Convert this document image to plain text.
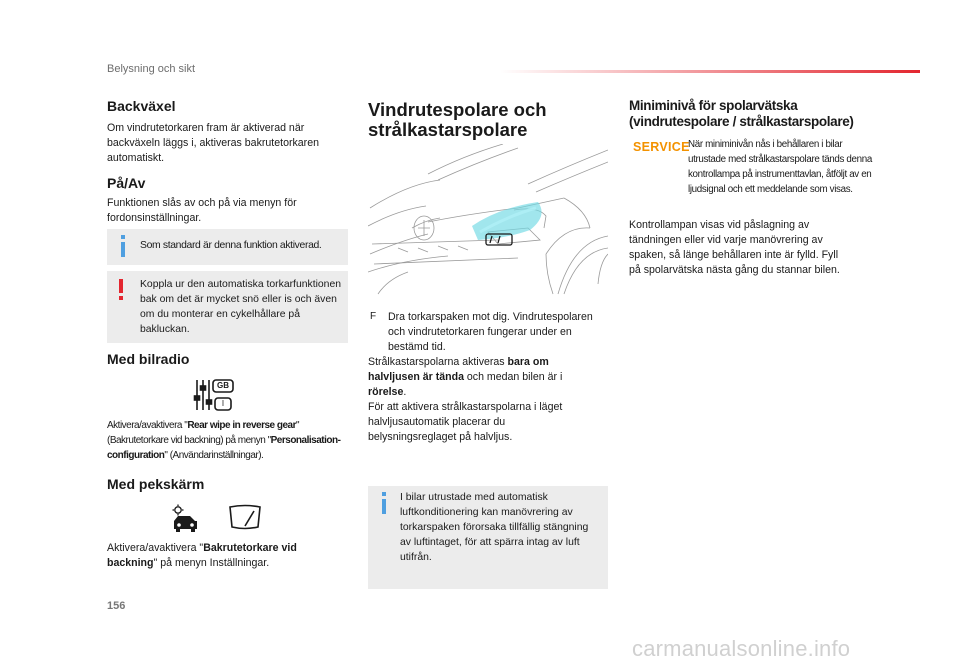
Belysning och sikt
Backväxel
Om vindrutetorkaren fram är aktiverad när backväxeln läggs i, aktiveras bakrutetorkaren automatiskt.
På/Av
Funktionen slås av och på via menyn för fordonsinställningar.
Som standard är denna funktion aktiverad.
Koppla ur den automatiska torkarfunktionen bak om det är mycket snö eller is och även om du monterar en cykelhållare på bakluckan.
Med bilradio
GB
I
Aktivera/avaktivera "Rear wipe in reverse gear" (Bakrutetorkare vid backning) på menyn "Personalisation-configuration" (Användarinställningar).
Med pekskärm
Aktivera/avaktivera "Bakrutetorkare vid backning" på menyn Inställningar.
Vindrutespolare och
strålkastarspolare
F Dra torkarspaken mot dig. Vindrutespolaren och vindrutetorkaren fungerar under en bestämd tid.
Strålkastarspolarna aktiveras bara om halvljusen är tända och medan bilen är i rörelse.
För att aktivera strålkastarspolarna i läget halvljusautomatik placerar du belysningsreglaget på halvljus.
I bilar utrustade med automatisk luftkonditionering kan manövrering av torkarspaken förorsaka tillfällig stängning av luftintaget, för att spärra intag av luft utifrån.
Miniminivå för spolarvätska
(vindrutespolare / strålkastarspolare)
SERVICE
När miniminivån nås i behållaren i bilar utrustade med strålkastarspolare tänds denna kontrollampa på instrumenttavlan, åtföljt av en ljudsignal och ett meddelande som visas.
Kontrollampan visas vid påslagning av tändningen eller vid varje manövrering av spaken, så länge behållaren inte är fylld. Fyll på spolarvätska nästa gång du stannar bilen.
156
carmanualsonline.info
